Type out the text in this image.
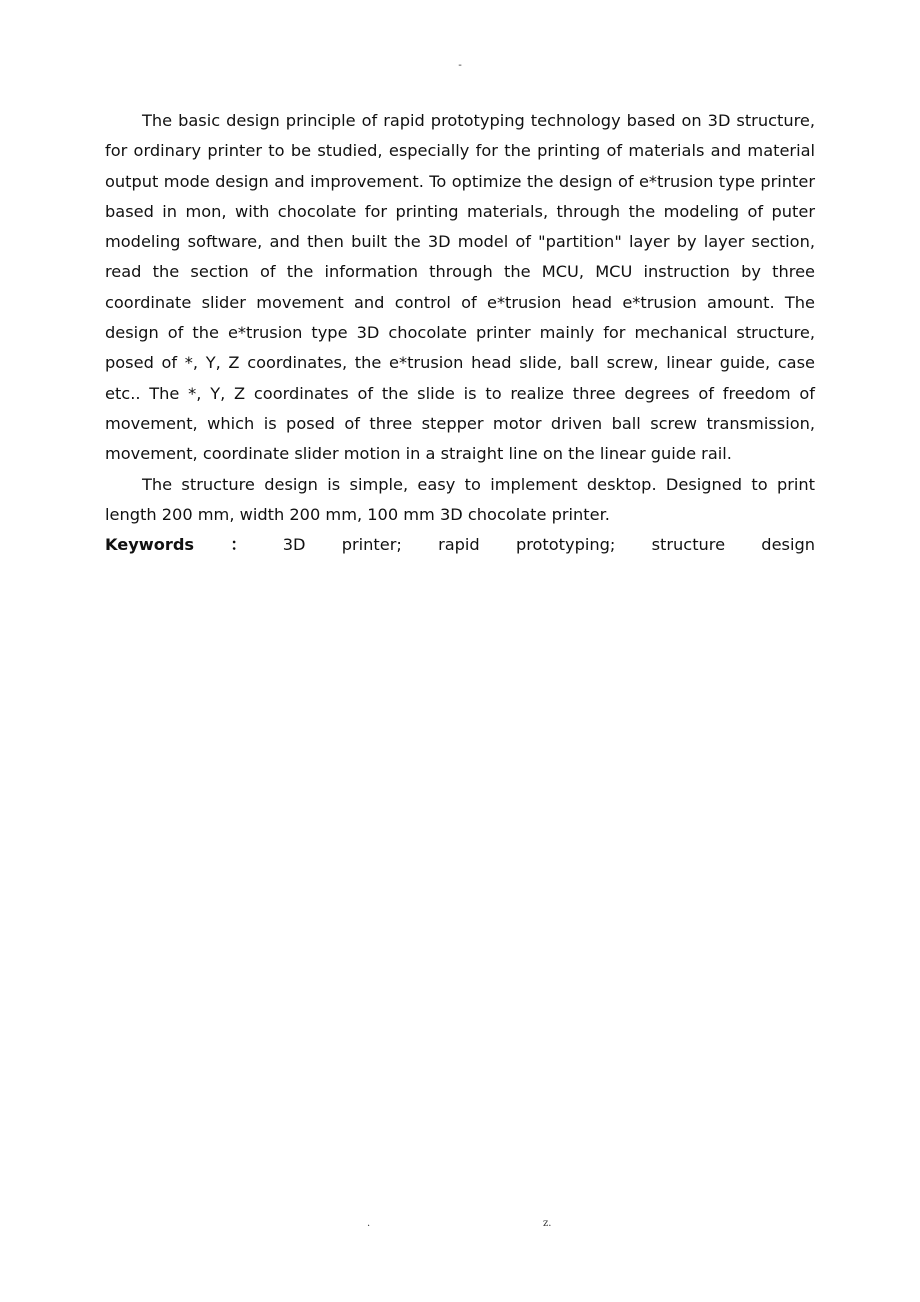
-

The basic design principle of rapid prototyping technology based on 3D structure, for ordinary printer to be studied, especially for the printing of materials and material output mode design and improvement. To optimize the design of e*trusion type printer based in mon, with chocolate for printing materials, through the modeling of puter modeling software, and then built the 3D model of "partition" layer by layer section, read the section of the information through the MCU, MCU instruction by three coordinate slider movement and control of e*trusion head e*trusion amount. The design of the e*trusion type 3D chocolate printer mainly for mechanical structure, posed of *, Y, Z coordinates, the e*trusion head slide, ball screw, linear guide, case etc.. The *, Y, Z coordinates of the slide is to realize three degrees of freedom of movement, which is posed of three stepper motor driven ball screw transmission, movement, coordinate slider motion in a straight line on the linear guide rail.

The structure design is simple, easy to implement desktop. Designed to print length 200 mm, width 200 mm, 100 mm 3D chocolate printer.

Keywords ： 3D printer; rapid prototyping; structure design

.	z.
